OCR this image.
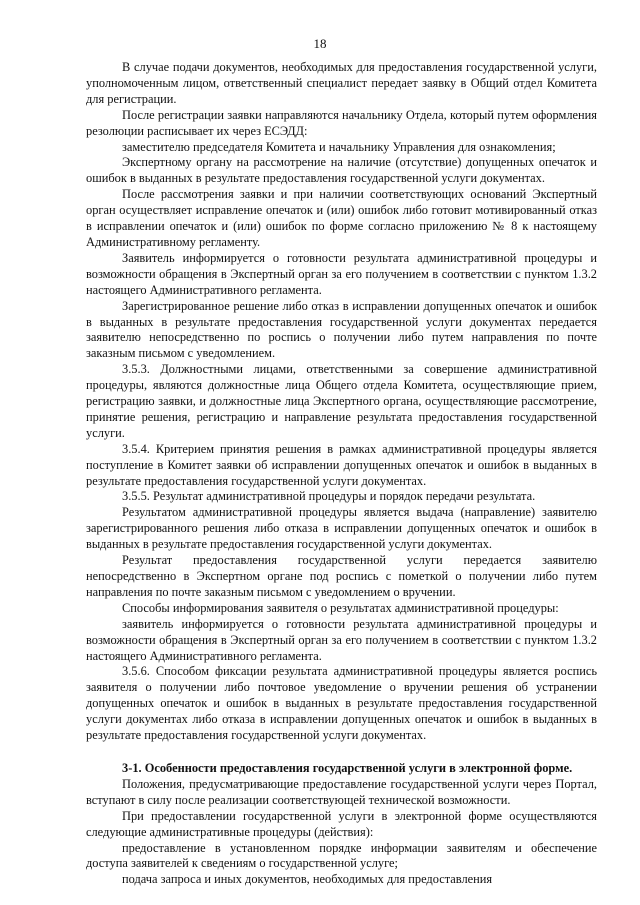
18

В случае подачи документов, необходимых для предоставления государственной услуги, уполномоченным лицом, ответственный специалист передает заявку в Общий отдел Комитета для регистрации.

После регистрации заявки направляются начальнику Отдела, который путем оформления резолюции расписывает их через ЕСЭДД:

заместителю председателя Комитета и начальнику Управления для ознакомления;

Экспертному органу на рассмотрение на наличие (отсутствие) допущенных опечаток и ошибок в выданных в результате предоставления государственной услуги документах.

После рассмотрения заявки и при наличии соответствующих оснований Экспертный орган осуществляет исправление опечаток и (или) ошибок либо готовит мотивированный отказ в исправлении опечаток и (или) ошибок по форме согласно приложению № 8 к настоящему Административному регламенту.

Заявитель информируется о готовности результата административной процедуры и возможности обращения в Экспертный орган за его получением в соответствии с пунктом 1.3.2 настоящего Административного регламента.

Зарегистрированное решение либо отказ в исправлении допущенных опечаток и ошибок в выданных в результате предоставления государственной услуги документах передается заявителю непосредственно по роспись о получении либо путем направления по почте заказным письмом с уведомлением.

3.5.3. Должностными лицами, ответственными за совершение административной процедуры, являются должностные лица Общего отдела Комитета, осуществляющие прием, регистрацию заявки, и должностные лица Экспертного органа, осуществляющие рассмотрение, принятие решения, регистрацию и направление результата предоставления государственной услуги.

3.5.4. Критерием принятия решения в рамках административной процедуры является поступление в Комитет заявки об исправлении допущенных опечаток и ошибок в выданных в результате предоставления государственной услуги документах.

3.5.5. Результат административной процедуры и порядок передачи результата.

Результатом административной процедуры является выдача (направление) заявителю зарегистрированного решения либо отказа в исправлении допущенных опечаток и ошибок в выданных в результате предоставления государственной услуги документах.

Результат предоставления государственной услуги передается заявителю непосредственно в Экспертном органе под роспись с пометкой о получении либо путем направления по почте заказным письмом с уведомлением о вручении.

Способы информирования заявителя о результатах административной процедуры:

заявитель информируется о готовности результата административной процедуры и возможности обращения в Экспертный орган за его получением в соответствии с пунктом 1.3.2 настоящего Административного регламента.

3.5.6. Способом фиксации результата административной процедуры является роспись заявителя о получении либо почтовое уведомление о вручении решения об устранении допущенных опечаток и ошибок в выданных в результате предоставления государственной услуги документах либо отказа в исправлении допущенных опечаток и ошибок в выданных в результате предоставления государственной услуги документах.

3-1. Особенности предоставления государственной услуги в электронной форме.

Положения, предусматривающие предоставление государственной услуги через Портал, вступают в силу после реализации соответствующей технической возможности.

При предоставлении государственной услуги в электронной форме осуществляются следующие административные процедуры (действия):

предоставление в установленном порядке информации заявителям и обеспечение доступа заявителей к сведениям о государственной услуге;

подача запроса и иных документов, необходимых для предоставления
